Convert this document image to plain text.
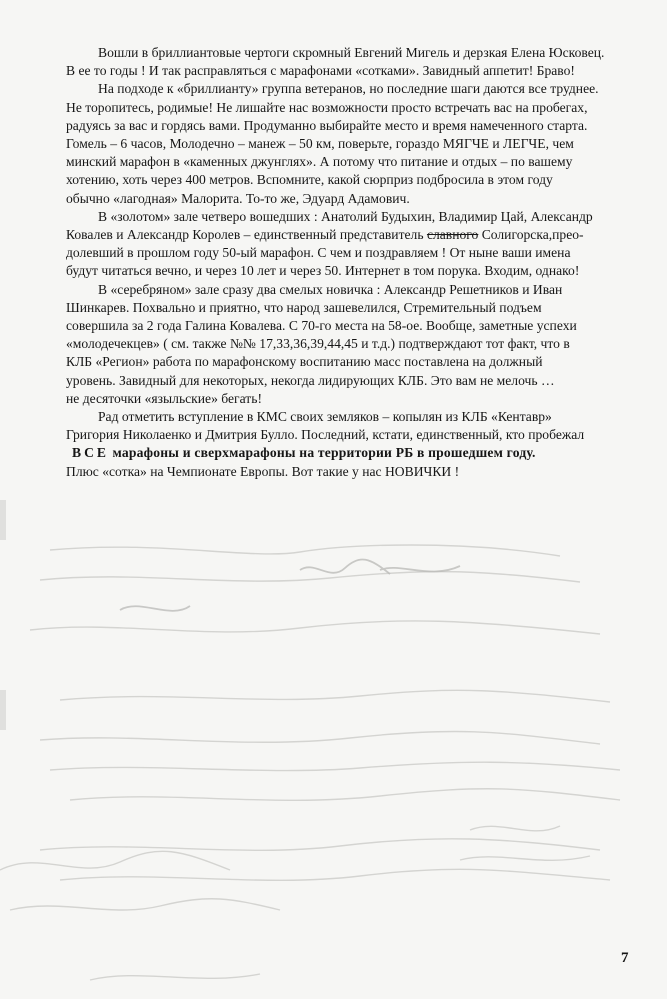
Вошли в бриллиантовые чертоги скромный Евгений Мигель и дерзкая Елена Юсковец.

В ее то годы ! И так расправляться с марафонами «сотками». Завидный аппетит! Браво!

На подходе к «бриллианту» группа ветеранов, но последние шаги даются все труднее.

Не торопитесь, родимые! Не лишайте нас возможности просто встречать вас на пробегах,

радуясь за вас и гордясь вами. Продуманно выбирайте место и время намеченного старта.

Гомель – 6 часов, Молодечно – манеж – 50 км, поверьте, гораздо МЯГЧЕ и ЛЕГЧЕ, чем

минский марафон в «каменных джунглях». А потому что питание и отдых – по вашему

хотению, хоть через 400 метров. Вспомните, какой сюрприз подбросила в этом году

обычно «лагодная» Малорита. То-то же, Эдуард Адамович.

В «золотом» зале четверо вошедших : Анатолий Будыхин, Владимир Цай, Александр

Ковалев и Александр Королев – единственный представитель славного Солигорска,прео-

долевший в прошлом году 50-ый марафон. С чем и поздравляем ! От ныне ваши имена

будут читаться вечно, и через 10 лет и через 50. Интернет в том порука. Входим, однако!

В «серебряном» зале сразу два смелых новичка : Александр Решетников и Иван

Шинкарев. Похвально и приятно, что народ зашевелился, Стремительный подъем

совершила за 2 года Галина Ковалева. С 70-го места на 58-ое. Вообще, заметные успехи

«молодечекцев» ( см. также №№ 17,33,36,39,44,45 и т.д.) подтверждают тот факт, что в

КЛБ «Регион» работа по марафонскому воспитанию масс поставлена на должный

уровень. Завидный для некоторых, некогда лидирующих КЛБ. Это вам не мелочь …

не десяточки «языльские» бегать!

Рад отметить вступление в КМС своих земляков – копылян из КЛБ «Кентавр»

Григория Николаенко и Дмитрия Булло. Последний, кстати, единственный, кто пробежал

ВСЕ марафоны и сверхмарафоны на территории РБ в прошедшем году.

Плюс «сотка» на Чемпионате Европы. Вот такие у нас НОВИЧКИ !

7
